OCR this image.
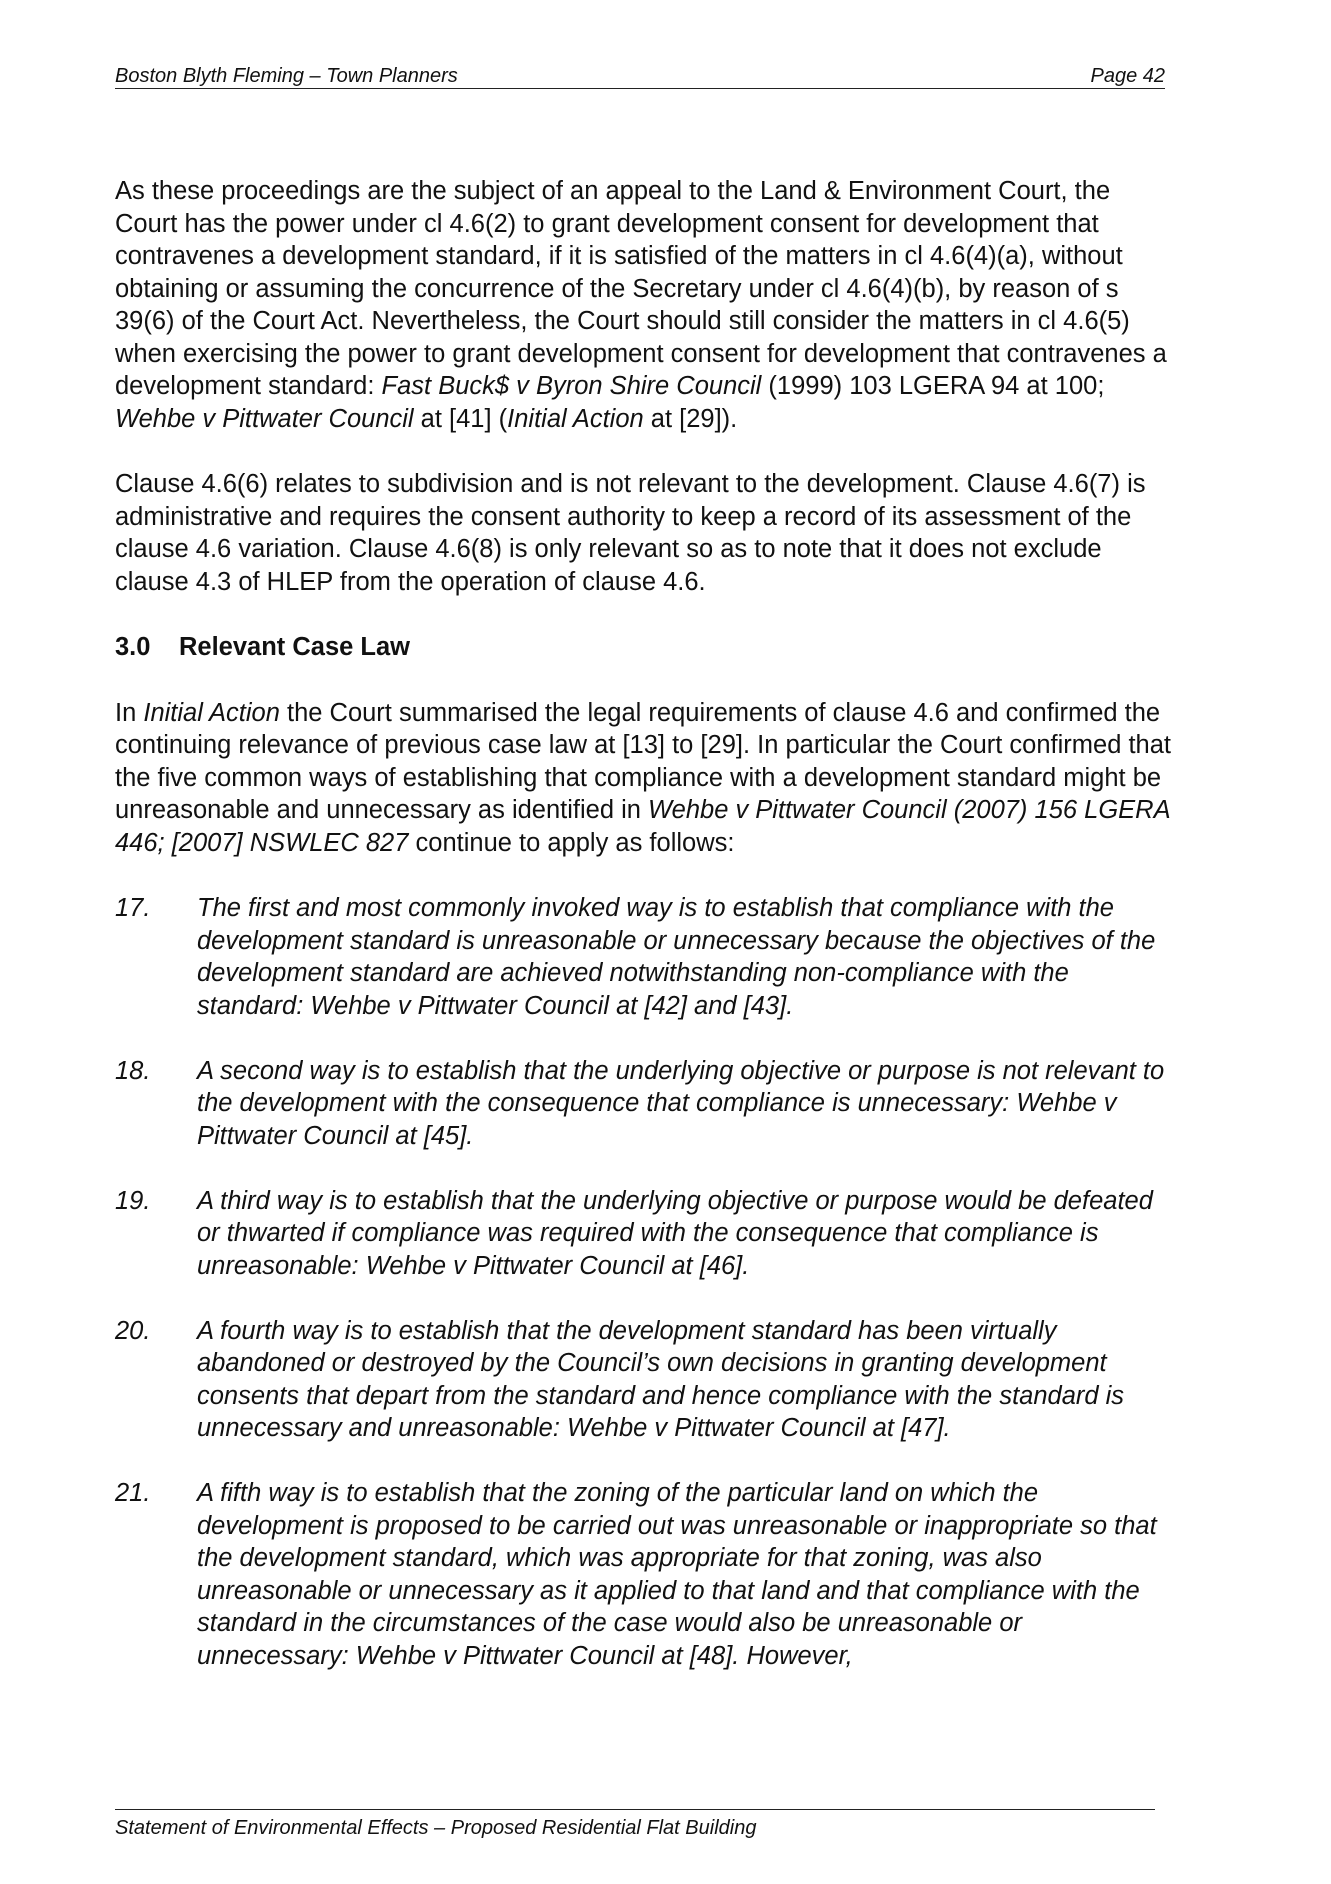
Boston Blyth Fleming – Town Planners	Page 42

As these proceedings are the subject of an appeal to the Land & Environment Court, the Court has the power under cl 4.6(2) to grant development consent for development that contravenes a development standard, if it is satisfied of the matters in cl 4.6(4)(a), without obtaining or assuming the concurrence of the Secretary under cl 4.6(4)(b), by reason of s 39(6) of the Court Act. Nevertheless, the Court should still consider the matters in cl 4.6(5) when exercising the power to grant development consent for development that contravenes a development standard: Fast Buck$ v Byron Shire Council (1999) 103 LGERA 94 at 100; Wehbe v Pittwater Council at [41] (Initial Action at [29]).

Clause 4.6(6) relates to subdivision and is not relevant to the development. Clause 4.6(7) is administrative and requires the consent authority to keep a record of its assessment of the clause 4.6 variation. Clause 4.6(8) is only relevant so as to note that it does not exclude clause 4.3 of HLEP from the operation of clause 4.6.

3.0 Relevant Case Law

In Initial Action the Court summarised the legal requirements of clause 4.6 and confirmed the continuing relevance of previous case law at [13] to [29]. In particular the Court confirmed that the five common ways of establishing that compliance with a development standard might be unreasonable and unnecessary as identified in Wehbe v Pittwater Council (2007) 156 LGERA 446; [2007] NSWLEC 827 continue to apply as follows:

17.	The first and most commonly invoked way is to establish that compliance with the development standard is unreasonable or unnecessary because the objectives of the development standard are achieved notwithstanding non-compliance with the standard: Wehbe v Pittwater Council at [42] and [43].
18.	A second way is to establish that the underlying objective or purpose is not relevant to the development with the consequence that compliance is unnecessary: Wehbe v Pittwater Council at [45].
19.	A third way is to establish that the underlying objective or purpose would be defeated or thwarted if compliance was required with the consequence that compliance is unreasonable: Wehbe v Pittwater Council at [46].
20.	A fourth way is to establish that the development standard has been virtually abandoned or destroyed by the Council’s own decisions in granting development consents that depart from the standard and hence compliance with the standard is unnecessary and unreasonable: Wehbe v Pittwater Council at [47].
21.	A fifth way is to establish that the zoning of the particular land on which the development is proposed to be carried out was unreasonable or inappropriate so that the development standard, which was appropriate for that zoning, was also unreasonable or unnecessary as it applied to that land and that compliance with the standard in the circumstances of the case would also be unreasonable or unnecessary: Wehbe v Pittwater Council at [48]. However,
Statement of Environmental Effects – Proposed Residential Flat Building
